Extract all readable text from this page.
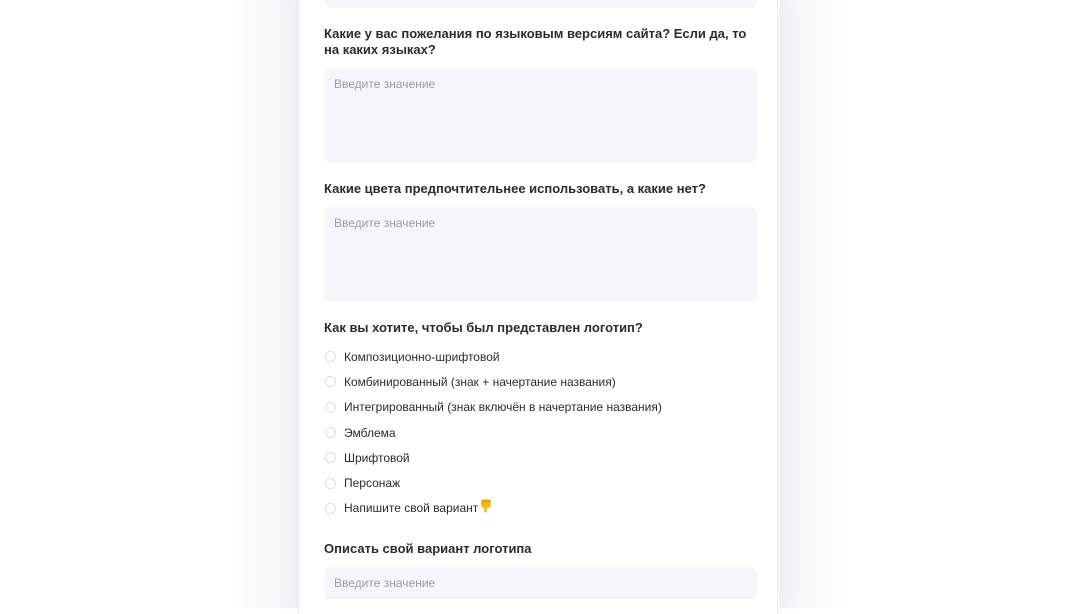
Какие у вас пожелания по языковым версиям сайта? Если да, то на каких языках?

Введите значение

Какие цвета предпочтительнее использовать, а какие нет?

Введите значение

Как вы хотите, чтобы был представлен логотип?

Композиционно-шрифтовой
Комбинированный (знак + начертание названия)
Интегрированный (знак включён в начертание названия)
Эмблема
Шрифтовой
Персонаж
Напишите свой вариант

Описать свой вариант логотипа

Введите значение
